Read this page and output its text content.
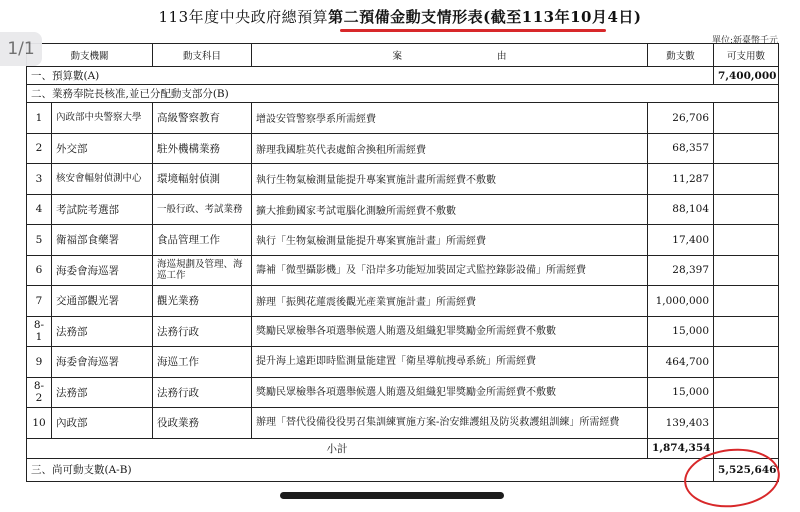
1/1
113年度中央政府總預算第二預備金動支情形表(截至113年10月4日)
單位:新臺幣千元
動支機關		動支科目	案　　　　　　　　　　由	動支數	可支用數
一、預算數(A)					7,400,000
二、業務奉院長核准,並已分配動支部分(B)					
1	內政部中央警察大學	高級警察教育	增設安管警察學系所需經費	26,706	
2	外交部	駐外機構業務	辦理我國駐英代表處館舍換租所需經費	68,357	
3	核安會輻射偵測中心	環境輻射偵測	執行生物氣檢測量能提升專案實施計畫所需經費不敷數	11,287	
4	考試院考選部	一般行政、考試業務	擴大推動國家考試電腦化測驗所需經費不敷數	88,104	
5	衛福部食藥署	食品管理工作	執行「生物氣檢測量能提升專案實施計畫」所需經費	17,400	
6	海委會海巡署	海巡規劃及管理、海巡工作	籌補「微型攝影機」及「沿岸多功能短加裝固定式監控錄影設備」所需經費	28,397	
7	交通部觀光署	觀光業務	辦理「振興花蓮震後觀光產業實施計畫」所需經費	1,000,000	
8-1	法務部	法務行政	獎勵民眾檢舉各項選舉候選人賄選及組織犯罪獎勵金所需經費不敷數	15,000	
9	海委會海巡署	海巡工作	提升海上遠距即時監測量能建置「衛星導航搜尋系統」所需經費	464,700	
8-2	法務部	法務行政	獎勵民眾檢舉各項選舉候選人賄選及組織犯罪獎勵金所需經費不敷數	15,000	
10	內政部	役政業務	辦理「替代役備役役男召集訓練實施方案-治安維護組及防災救護組訓練」所需經費	139,403	
小計				1,874,354	
三、尚可動支數(A-B)					5,525,646
